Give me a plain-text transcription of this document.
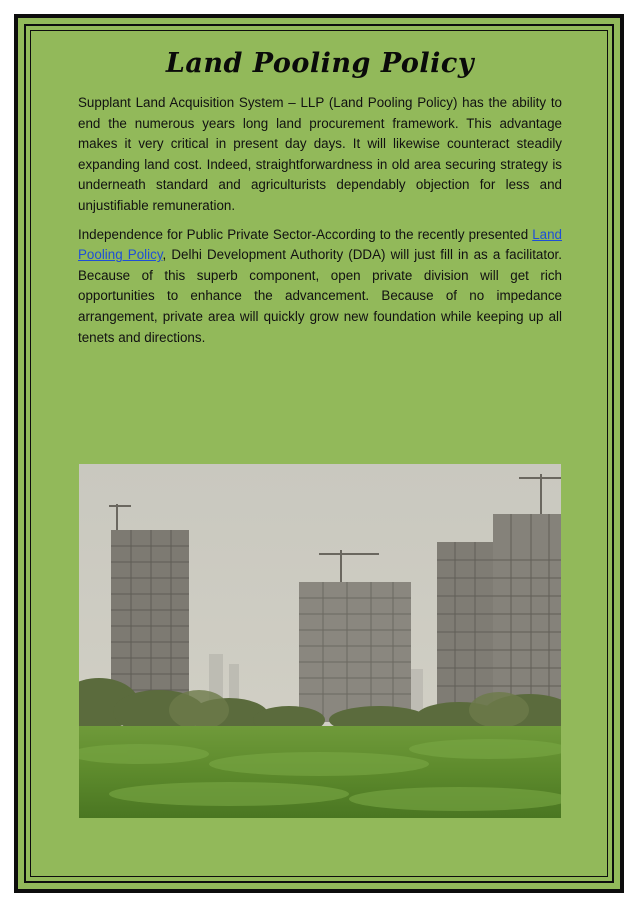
Land Pooling Policy

Supplant Land Acquisition System – LLP (Land Pooling Policy) has the ability to end the numerous years long land procurement framework. This advantage makes it very critical in present day days. It will likewise counteract steadily expanding land cost. Indeed, straightforwardness in old area securing strategy is underneath standard and agriculturists dependably objection for less and unjustifiable remuneration.

Independence for Public Private Sector-According to the recently presented Land Pooling Policy, Delhi Development Authority (DDA) will just fill in as a facilitator. Because of this superb component, open private division will get rich opportunities to enhance the advancement. Because of no impedance arrangement, private area will quickly grow new foundation while keeping up all tenets and directions.
